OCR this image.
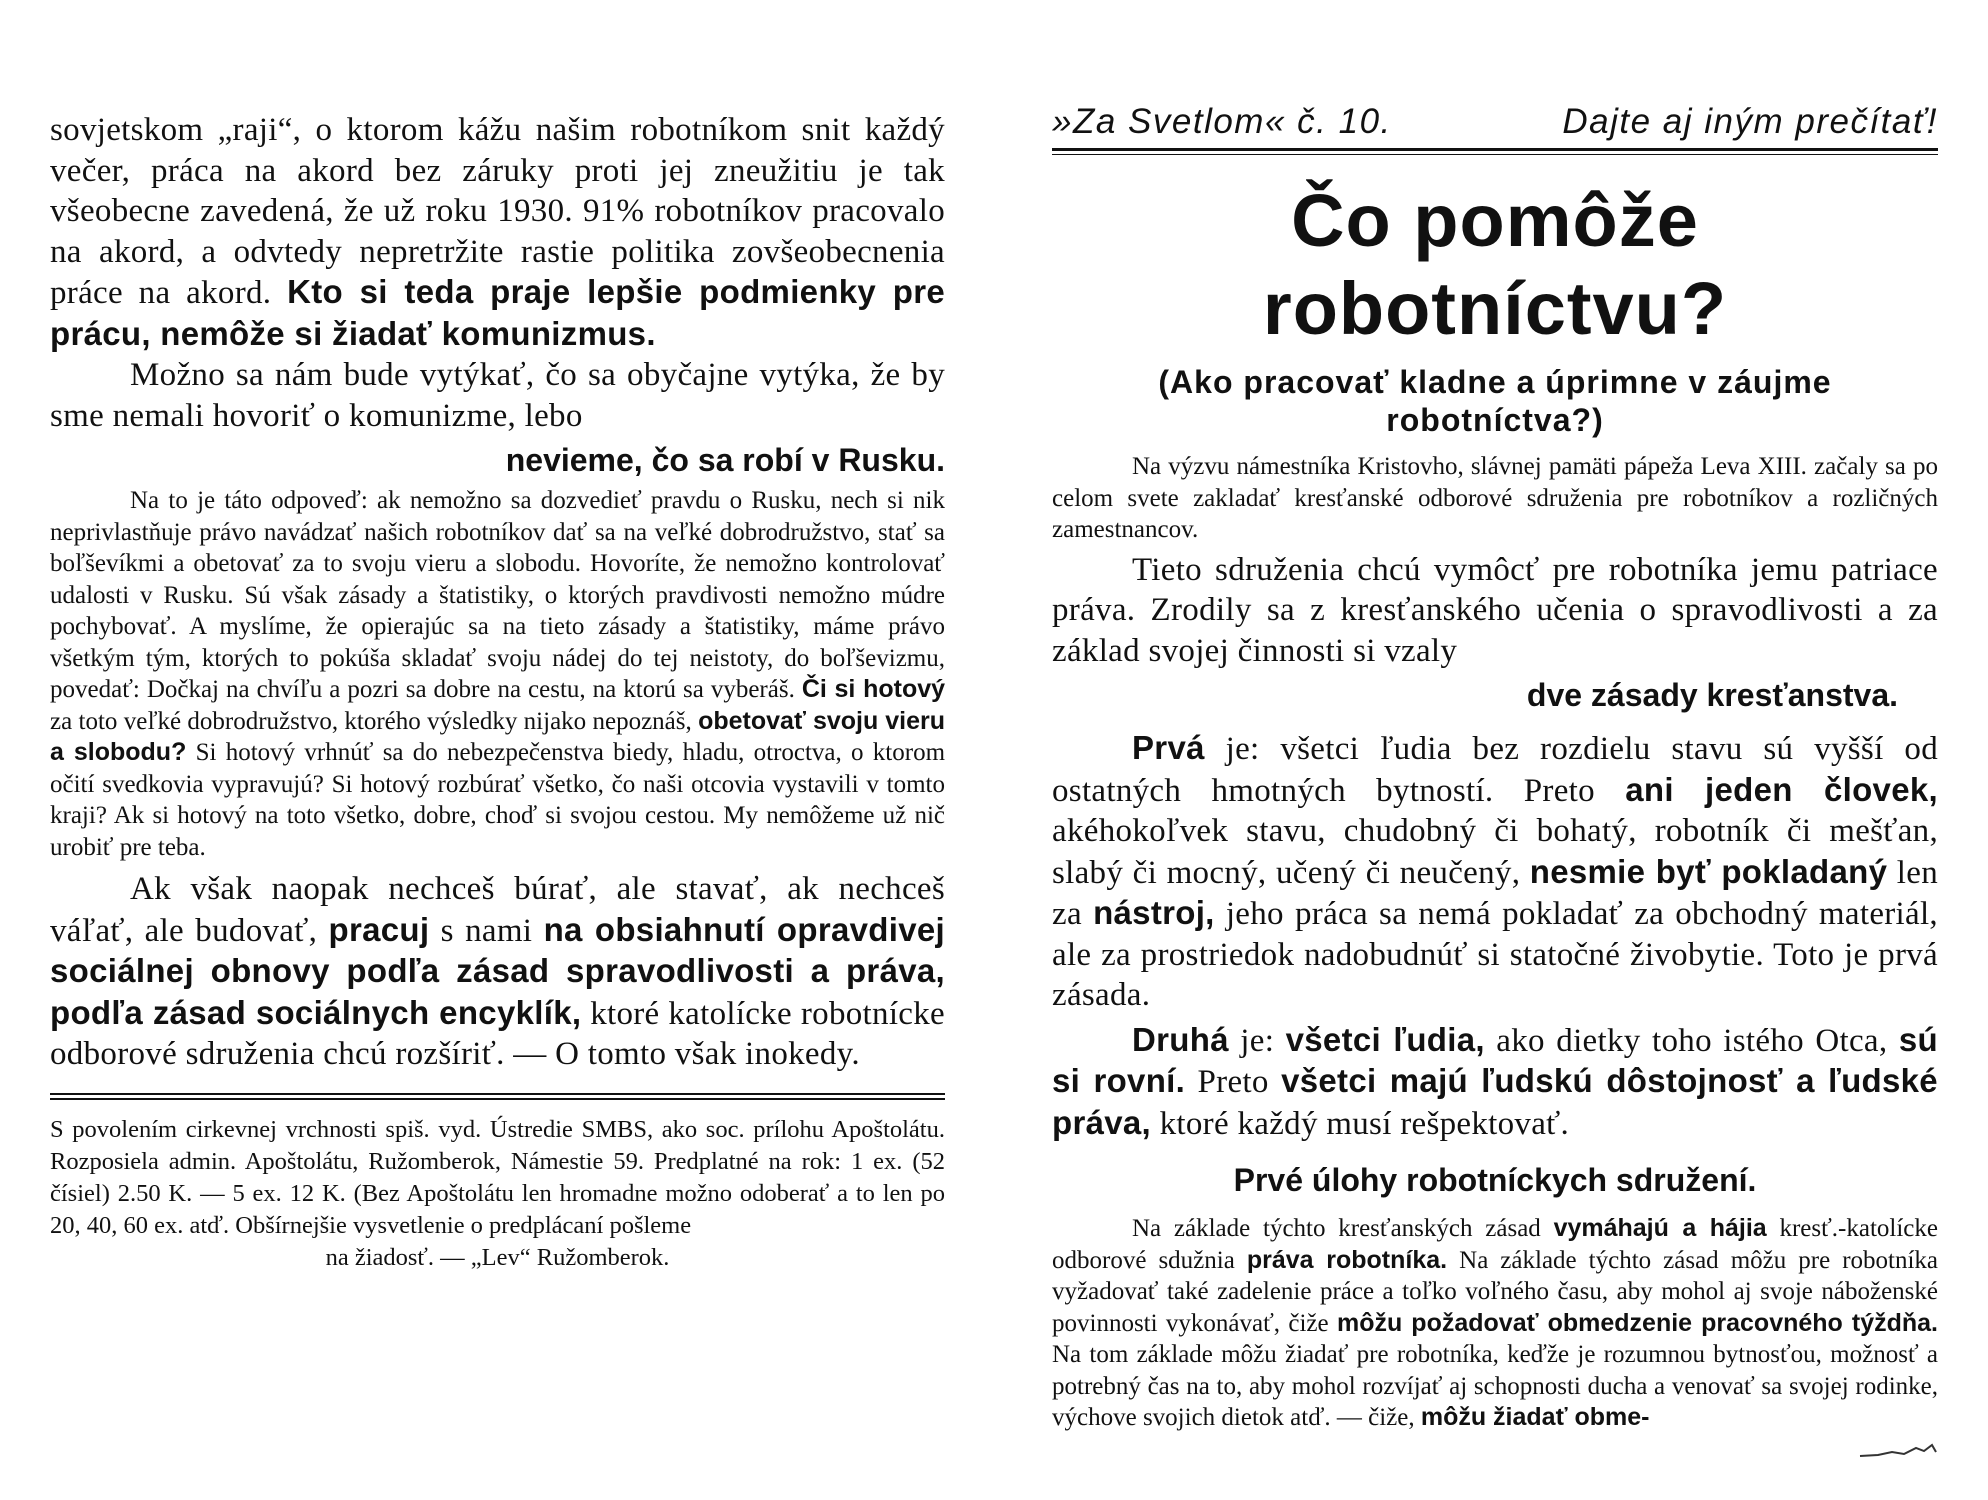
sovjetskom „raji“, o ktorom kážu našim robotníkom snit každý večer, práca na akord bez záruky proti jej zneužitiu je tak všeobecne zavedená, že už roku 1930. 91% robotníkov pracovalo na akord, a odvtedy nepretržite rastie politika zovšeobecnenia práce na akord. Kto si teda praje lepšie podmienky pre prácu, nemôže si žiadať komunizmus.

Možno sa nám bude vytýkať, čo sa obyčajne vytýka, že by sme nemali hovoriť o komunizme, lebo

nevieme, čo sa robí v Rusku.

Na to je táto odpoveď: ak nemožno sa dozvedieť pravdu o Rusku, nech si nik neprivlastňuje právo navádzať našich robotníkov dať sa na veľké dobrodružstvo, stať sa boľševíkmi a obetovať za to svoju vieru a slobodu. Hovoríte, že nemožno kontrolovať udalosti v Rusku. Sú však zásady a štatistiky, o ktorých pravdivosti nemožno múdre pochybovať. A myslíme, že opierajúc sa na tieto zásady a štatistiky, máme právo všetkým tým, ktorých to pokúša skladať svoju nádej do tej neistoty, do boľševizmu, povedať: Dočkaj na chvíľu a pozri sa dobre na cestu, na ktorú sa vyberáš. Či si hotový za toto veľké dobrodružstvo, ktorého výsledky nijako nepoznáš, obetovať svoju vieru a slobodu? Si hotový vrhnúť sa do nebezpečenstva biedy, hladu, otroctva, o ktorom očití svedkovia vypravujú? Si hotový rozbúrať všetko, čo naši otcovia vystavili v tomto kraji? Ak si hotový na toto všetko, dobre, choď si svojou cestou. My nemôžeme už nič urobiť pre teba.

Ak však naopak nechceš búrať, ale stavať, ak nechceš váľať, ale budovať, pracuj s nami na obsiahnutí opravdivej sociálnej obnovy podľa zásad spravodlivosti a práva, podľa zásad sociálnych encyklík, ktoré katolícke robotnícke odborové sdruženia chcú rozšíriť. — O tomto však inokedy.

S povolením cirkevnej vrchnosti spiš. vyd. Ústredie SMBS, ako soc. prílohu Apoštolátu. Rozposiela admin. Apoštolátu, Ružomberok, Námestie 59. Predplatné na rok: 1 ex. (52 čísiel) 2.50 K. — 5 ex. 12 K. (Bez Apoštolátu len hromadne možno odoberať a to len po 20, 40, 60 ex. atď. Obšírnejšie vysvetlenie o predplácaní pošleme

na žiadosť. — „Lev“ Ružomberok.

»Za Svetlom« č. 10.	Dajte aj iným prečítať!
Čo pomôže robotníctvu?
(Ako pracovať kladne a úprimne v záujme robotníctva?)

Na výzvu námestníka Kristovho, slávnej pamäti pápeža Leva XIII. začaly sa po celom svete zakladať kresťanské odborové sdruženia pre robotníkov a rozličných zamestnancov.

Tieto sdruženia chcú vymôcť pre robotníka jemu patriace práva. Zrodily sa z kresťanského učenia o spravodlivosti a za základ svojej činnosti si vzaly

dve zásady kresťanstva.

Prvá je: všetci ľudia bez rozdielu stavu sú vyšší od ostatných hmotných bytností. Preto ani jeden človek, akéhokoľvek stavu, chudobný či bohatý, robotník či mešťan, slabý či mocný, učený či neučený, nesmie byť pokladaný len za nástroj, jeho práca sa nemá pokladať za obchodný materiál, ale za prostriedok nadobudnúť si statočné živobytie. Toto je prvá zásada.

Druhá je: všetci ľudia, ako dietky toho istého Otca, sú si rovní. Preto všetci majú ľudskú dôstojnosť a ľudské práva, ktoré každý musí rešpektovať.

Prvé úlohy robotníckych sdružení.

Na základe týchto kresťanských zásad vymáhajú a hájia kresť.-katolícke odborové sdužnia práva robotníka. Na základe týchto zásad môžu pre robotníka vyžadovať také zadelenie práce a toľko voľného času, aby mohol aj svoje náboženské povinnosti vykonávať, čiže môžu požadovať obmedzenie pracovného týždňa. Na tom základe môžu žiadať pre robotníka, keďže je rozumnou bytnosťou, možnosť a potrebný čas na to, aby mohol rozvíjať aj schopnosti ducha a venovať sa svojej rodinke, výchove svojich dietok atď. — čiže, môžu žiadať obme-
